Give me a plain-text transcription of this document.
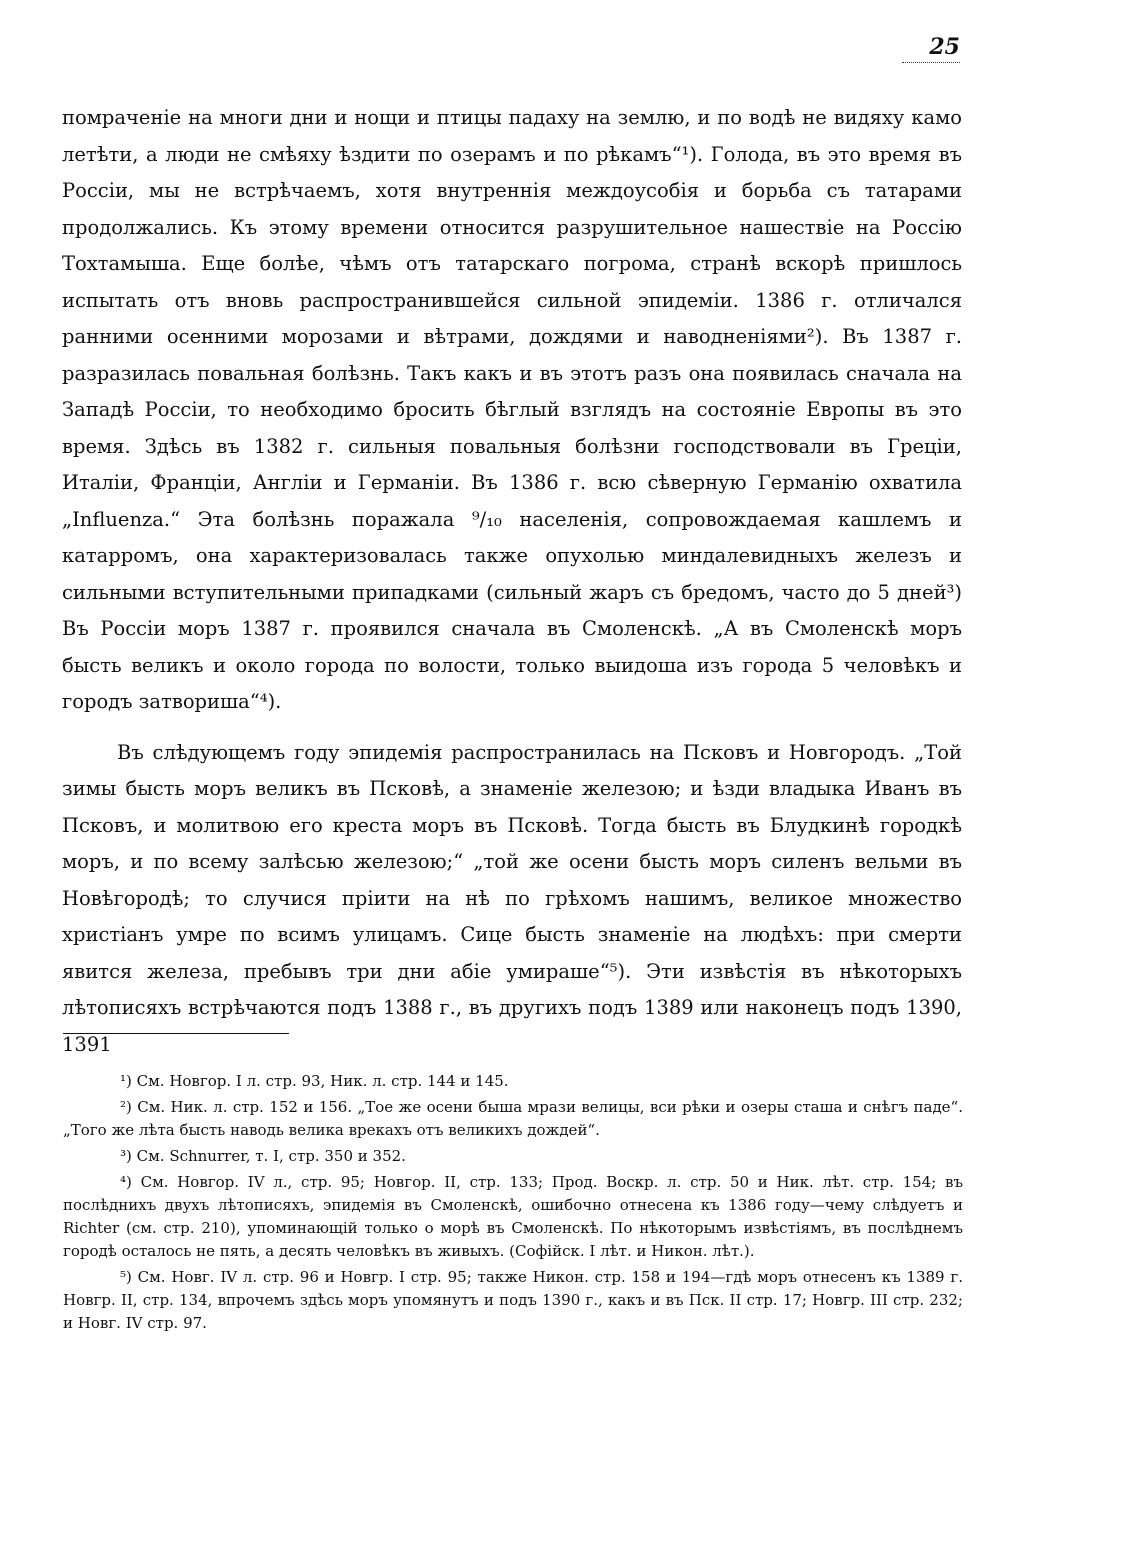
25

помраченіе на многи дни и нощи и птицы падаху на землю, и по водѣ не видяху камо летѣти, а люди не смѣяху ѣздити по озерамъ и по рѣкамъ“¹). Голода, въ это время въ Россіи, мы не встрѣчаемъ, хотя внутреннія междоусобія и борьба съ татарами продолжались. Къ этому времени относится разрушительное нашествіе на Россію Тохтамыша. Еще болѣе, чѣмъ отъ татарскаго погрома, странѣ вскорѣ пришлось испытать отъ вновь распространившейся сильной эпидеміи. 1386 г. отличался ранними осенними морозами и вѣтрами, дождями и наводненіями²). Въ 1387 г. разразилась повальная болѣзнь. Такъ какъ и въ этотъ разъ она появилась сначала на Западѣ Россіи, то необходимо бросить бѣглый взглядъ на состояніе Европы въ это время. Здѣсь въ 1382 г. сильныя повальныя болѣзни господствовали въ Греціи, Италіи, Франціи, Англіи и Германіи. Въ 1386 г. всю сѣверную Германію охватила „Influenza.“ Эта болѣзнь поражала ⁹/₁₀ населенія, сопровождаемая кашлемъ и катарромъ, она характеризовалась также опухолью миндалевидныхъ железъ и сильными вступительными припадками (сильный жаръ съ бредомъ, часто до 5 дней³) Въ Россіи моръ 1387 г. проявился сначала въ Смоленскѣ. „А въ Смоленскѣ моръ бысть великъ и около города по волости, только выидоша изъ города 5 человѣкъ и городъ затвориша“⁴).

Въ слѣдующемъ году эпидемія распространилась на Псковъ и Новгородъ. „Той зимы бысть моръ великъ въ Псковѣ, а знаменіе железою; и ѣзди владыка Иванъ въ Псковъ, и молитвою его креста моръ въ Псковѣ. Тогда бысть въ Блудкинѣ городкѣ моръ, и по всему залѣсью железою;“ „той же осени бысть моръ силенъ вельми въ Новѣгородѣ; то случися пріити на нѣ по грѣхомъ нашимъ, великое множество христіанъ умре по всимъ улицамъ. Сице бысть знаменіе на людѣхъ: при смерти явится железа, пребывъ три дни абіе умираше“⁵). Эти извѣстія въ нѣкоторыхъ лѣтописяхъ встрѣчаются подъ 1388 г., въ другихъ подъ 1389 или наконецъ подъ 1390, 1391

¹) См. Новгор. I л. стр. 93, Ник. л. стр. 144 и 145.

²) См. Ник. л. стр. 152 и 156. „Тое же осени быша мрази велицы, вси рѣки и озеры сташа и снѣгъ паде“. „Того же лѣта бысть наводь велика врекахъ отъ великихъ дождей“.

³) См. Schnurrer, т. I, стр. 350 и 352.

⁴) См. Новгор. IV л., стр. 95; Новгор. II, стр. 133; Прод. Воскр. л. стр. 50 и Ник. лѣт. стр. 154; въ послѣднихъ двухъ лѣтописяхъ, эпидемія въ Смоленскѣ, ошибочно отнесена къ 1386 году—чему слѣдуетъ и Richter (см. стр. 210), упоминающій только о морѣ въ Смоленскѣ. По нѣкоторымъ извѣстіямъ, въ послѣднемъ городѣ осталось не пять, а десять человѣкъ въ живыхъ. (Софійск. I лѣт. и Никон. лѣт.).

⁵) См. Новг. IV л. стр. 96 и Новгр. I стр. 95; также Никон. стр. 158 и 194—гдѣ моръ отнесенъ къ 1389 г. Новгр. II, стр. 134, впрочемъ здѣсь моръ упомянутъ и подъ 1390 г., какъ и въ Пск. II стр. 17; Новгр. III стр. 232; и Новг. IV стр. 97.
